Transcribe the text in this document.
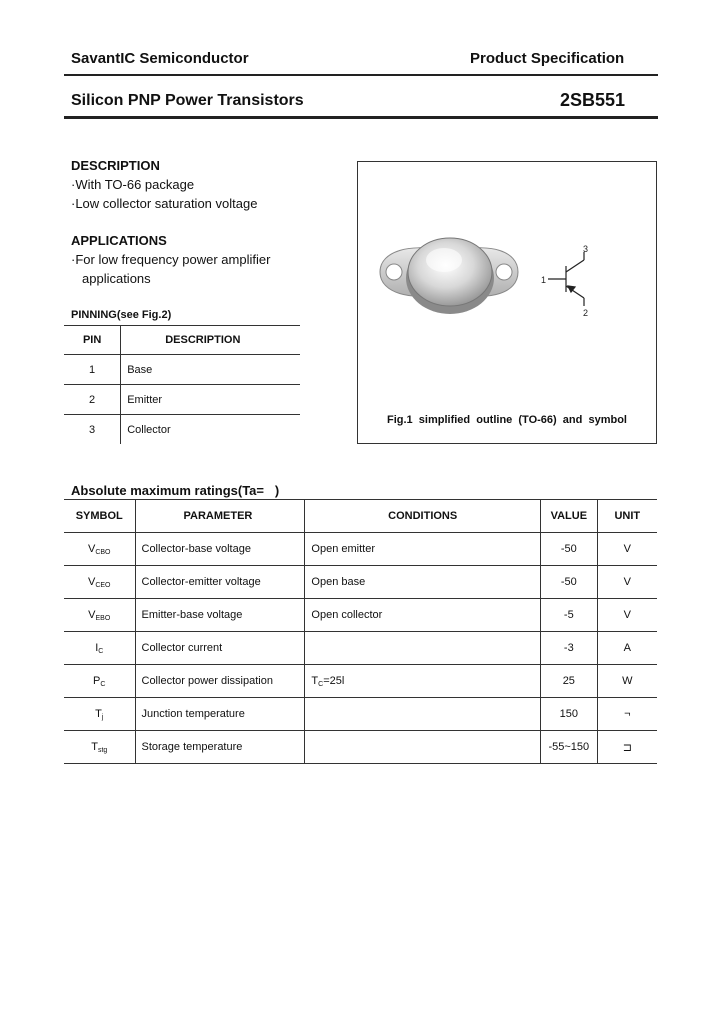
SavantIC Semiconductor	Product Specification
Silicon PNP Power Transistors	2SB551
DESCRIPTION
·With TO-66 package
·Low collector saturation voltage
APPLICATIONS
·For low frequency power amplifier
applications
PINNING(see Fig.2)
PIN	DESCRIPTION
1	Base
2	Emitter
3	Collector
1
2
3
Fig.1  simplified  outline  (TO-66)  and  symbol
Absolute maximum ratings(Ta=   )
SYMBOL	PARAMETER	CONDITIONS	VALUE	UNIT
$V_{CBO}$	Collector-base voltage	Open emitter	-50	V
$V_{CEO}$	Collector-emitter voltage	Open base	-50	V
$V_{EBO}$	Emitter-base voltage	Open collector	-5	V
$I_C$	Collector current		-3	A
$P_C$	Collector power dissipation	$T_C=25l$	25	W
$T_j$	Junction temperature		150	¬
$T_{stg}$	Storage temperature		-55~150	⊐
